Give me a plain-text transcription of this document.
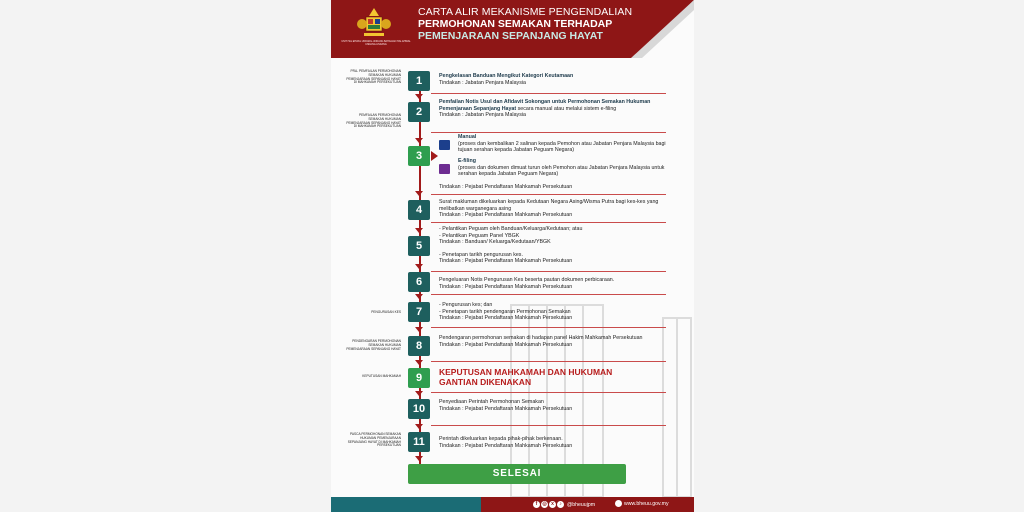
UNIT HAL EHWAL UNDANG-UNDANG BAHAGIAN HAL EHWAL UNDANG-UNDANG
CARTA ALIR MEKANISME PENGENDALIAN
PERMOHONAN SEMAKAN TERHADAP
PEMENJARAAN SEPANJANG HAYAT
PRA- PEMFAILAN PERMOHONAN SEMAKAN HUKUMAN PEMENJARAAN SEPANJANG HAYAT DI MAHKAMAH PERSEKUTUAN
PEMFAILAN PERMOHONAN SEMAKAN HUKUMAN PEMENJARAAN SEPANJANG HAYAT DI MAHKAMAH PERSEKUTUAN
PENGURUSAN KES
PENDENGARAN PERMOHONAN SEMAKAN HUKUMAN PEMENJARAAN SEPANJANG HAYAT
KEPUTUSAN MAHKAMAH
PASCA PERMOHONAN SEMAKAN HUKUMAN PEMENJARAAN SEPANJANG HAYAT DI MAHKAMAH PERSEKUTUAN
1
2
3
4
5
6
7
8
9
10
11
Pengkelasan Banduan Mengikut Kategori Keutamaan
Tindakan : Jabatan Penjara Malaysia
Pemfailan Notis Usul dan Afidavit Sokongan untuk Permohonan Semakan Hukuman Pemenjaraan Sepanjang Hayat secara manual atau melalui sistem e-filing
Tindakan : Jabatan Penjara Malaysia
Manual
(proses dan kembalikan 2 salinan kepada Pemohon atau Jabatan Penjara Malaysia bagi tujuan serahan kepada Jabatan Peguam Negara)
E-filing
(proses dan dokumen dimuat turun oleh Pemohon atau Jabatan Penjara Malaysia untuk serahan kepada Jabatan Peguam Negara)
Tindakan : Pejabat Pendaftaran Mahkamah Persekutuan
Surat makluman dikeluarkan kepada Kedutaan Negara Asing/Wisma Putra bagi kes-kes yang melibatkan warganegara asing
Tindakan : Pejabat Pendaftaran Mahkamah Persekutuan
- Pelantikan Peguam oleh Banduan/Keluarga/Kedutaan; atau
- Pelantikan Peguam Panel YBGK
Tindakan : Banduan/ Keluarga/Kedutaan/YBGK
- Penetapan tarikh pengurusan kes.
Tindakan : Pejabat Pendaftaran Mahkamah Persekutuan
Pengeluaran Notis Pengurusan Kes beserta pautan dokumen perbicaraan.
Tindakan : Pejabat Pendaftaran Mahkamah Persekutuan
- Pengurusan kes; dan
- Penetapan tarikh pendengaran Permohonan Semakan
Tindakan : Pejabat Pendaftaran Mahkamah Persekutuan
Pendengaran permohonan semakan di hadapan panel Hakim Mahkamah Persekutuan
Tindakan : Pejabat Pendaftaran Mahkamah Persekutuan
KEPUTUSAN MAHKAMAH DAN HUKUMAN GANTIAN DIKENAKAN
Penyediaan Perintah Permohonan Semakan
Tindakan : Pejabat Pendaftaran Mahkamah Persekutuan
Perintah dikeluarkan kepada pihak-pihak berkenaan.
Tindakan : Pejabat Pendaftaran Mahkamah Persekutuan
SELESAI
f ◎ x	♪	@bheuujpm	www.bheuu.gov.my
